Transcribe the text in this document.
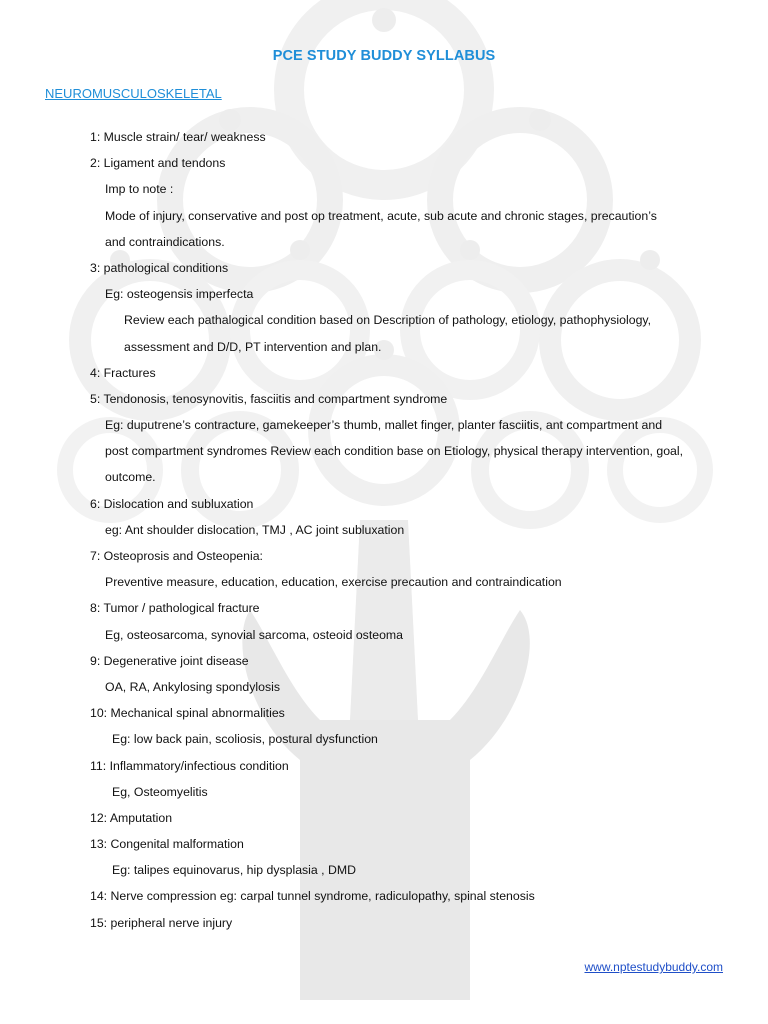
PCE STUDY BUDDY SYLLABUS
NEUROMUSCULOSKELETAL
1: Muscle strain/ tear/ weakness
2: Ligament and tendons
Imp to note :
Mode of injury, conservative and post op treatment, acute, sub acute and chronic stages, precaution’s
and contraindications.
3: pathological conditions
Eg: osteogensis imperfecta
Review each pathalogical condition based on Description of pathology, etiology, pathophysiology,
assessment and D/D, PT intervention and plan.
4: Fractures
5: Tendonosis, tenosynovitis, fasciitis and compartment syndrome
Eg: duputrene’s contracture, gamekeeper’s thumb, mallet finger, planter fasciitis, ant compartment and
post compartment syndromes Review each condition base on Etiology, physical therapy intervention, goal,
outcome.
6: Dislocation and subluxation
eg: Ant shoulder dislocation, TMJ , AC joint subluxation
7: Osteoprosis and Osteopenia:
Preventive measure, education, education, exercise precaution and contraindication
8: Tumor / pathological fracture
Eg, osteosarcoma, synovial sarcoma, osteoid osteoma
9: Degenerative joint disease
OA, RA, Ankylosing spondylosis
10: Mechanical spinal abnormalities
Eg: low back pain, scoliosis, postural dysfunction
11: Inflammatory/infectious condition
Eg, Osteomyelitis
12: Amputation
13: Congenital malformation
Eg: talipes equinovarus, hip dysplasia , DMD
14: Nerve compression eg: carpal tunnel syndrome, radiculopathy, spinal stenosis
15: peripheral nerve injury
www.nptestudybuddy.com
